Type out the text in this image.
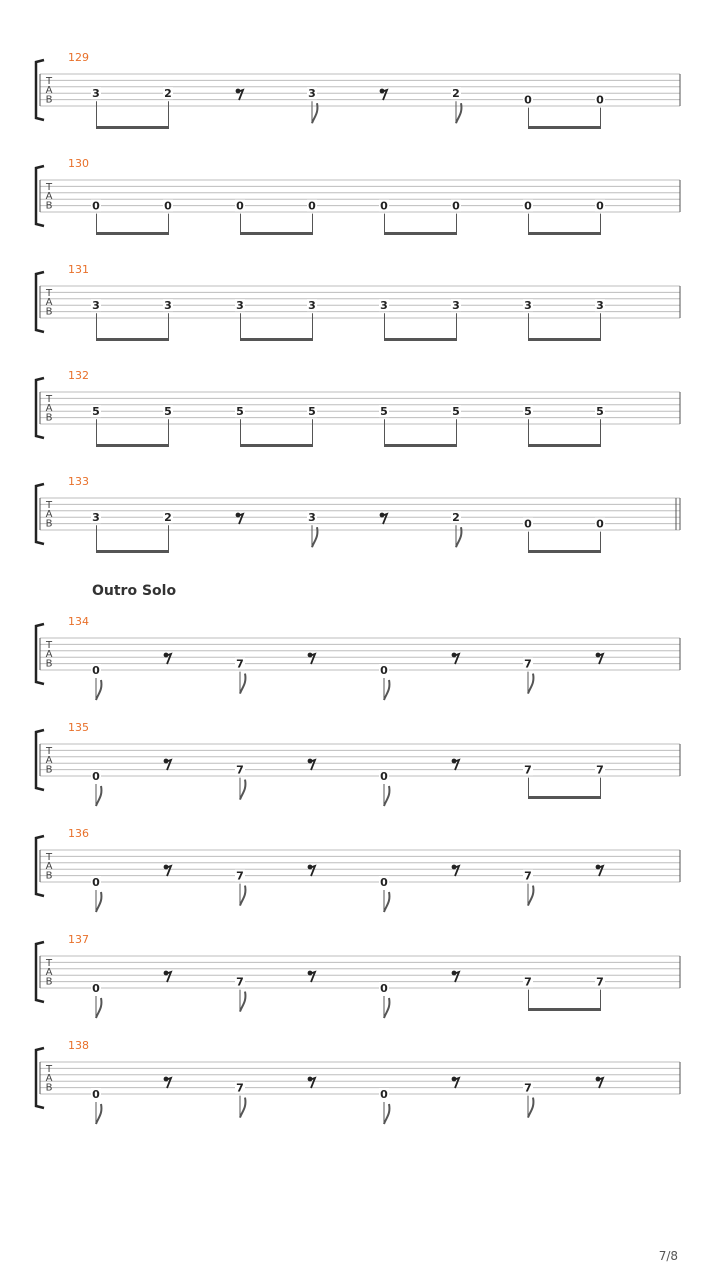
129
T
A
B	3	2	3	2	0	0
130
T
A
B	0	0	0	0	0	0	0	0
131
T
A
B	3	3	3	3	3	3	3	3
132
T
A
B	5	5	5	5	5	5	5	5
133
T
A
B	3	2	3	2	0	0
134
T
A
B
0	7	0	7
135
T
A
B
0	7	0	7	7
136
T
A
B
0	7	0	7
137
T
A
B
0	7	0	7	7
138
T
A
B
0	7	0	7
Outro Solo
7/8
